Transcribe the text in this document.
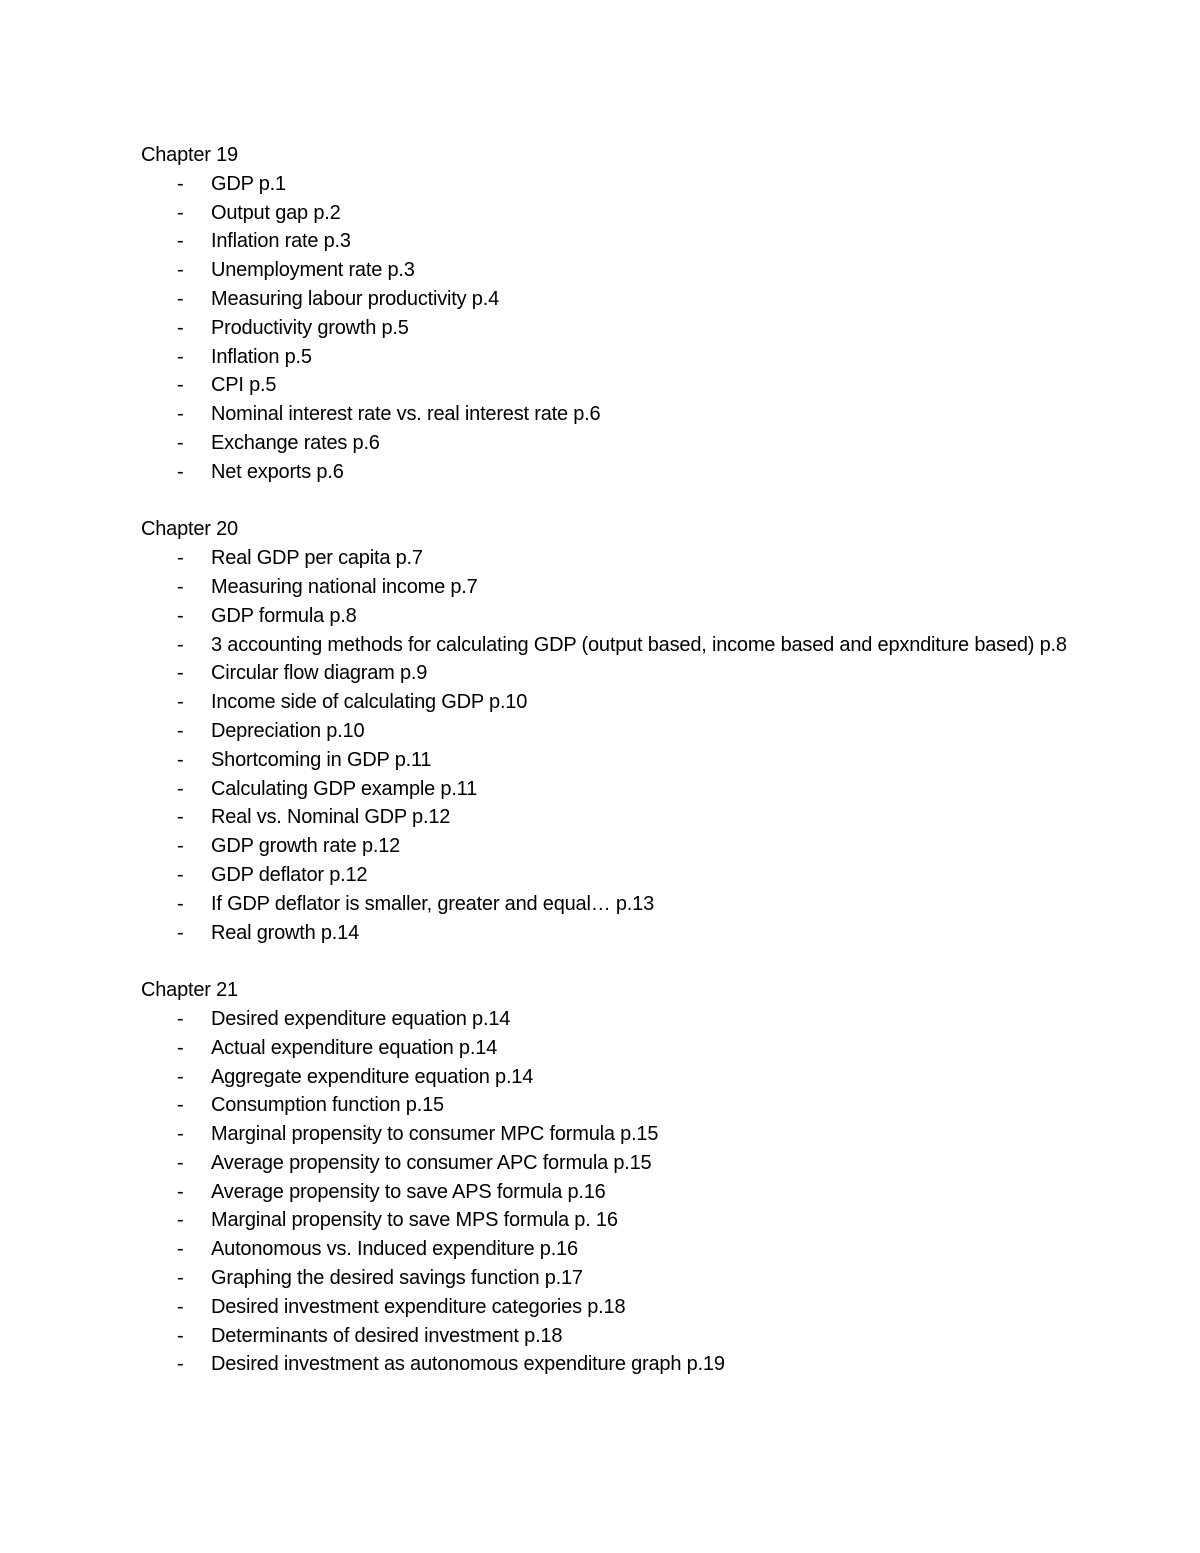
Chapter 19
- GDP p.1
- Output gap p.2
- Inflation rate p.3
- Unemployment rate p.3
- Measuring labour productivity p.4
- Productivity growth p.5
- Inflation p.5
- CPI p.5
- Nominal interest rate vs. real interest rate p.6
- Exchange rates p.6
- Net exports p.6
Chapter 20
- Real GDP per capita p.7
- Measuring national income p.7
- GDP formula p.8
- 3 accounting methods for calculating GDP (output based, income based and epxnditure based) p.8
- Circular flow diagram p.9
- Income side of calculating GDP p.10
- Depreciation p.10
- Shortcoming in GDP p.11
- Calculating GDP example p.11
- Real vs. Nominal GDP p.12
- GDP growth rate p.12
- GDP deflator p.12
- If GDP deflator is smaller, greater and equal… p.13
- Real growth p.14
Chapter 21
- Desired expenditure equation p.14
- Actual expenditure equation p.14
- Aggregate expenditure equation p.14
- Consumption function p.15
- Marginal propensity to consumer MPC formula p.15
- Average propensity to consumer APC formula p.15
- Average propensity to save APS formula p.16
- Marginal propensity to save MPS formula p. 16
- Autonomous vs. Induced expenditure p.16
- Graphing the desired savings function p.17
- Desired investment expenditure categories p.18
- Determinants of desired investment p.18
- Desired investment as autonomous expenditure graph p.19
